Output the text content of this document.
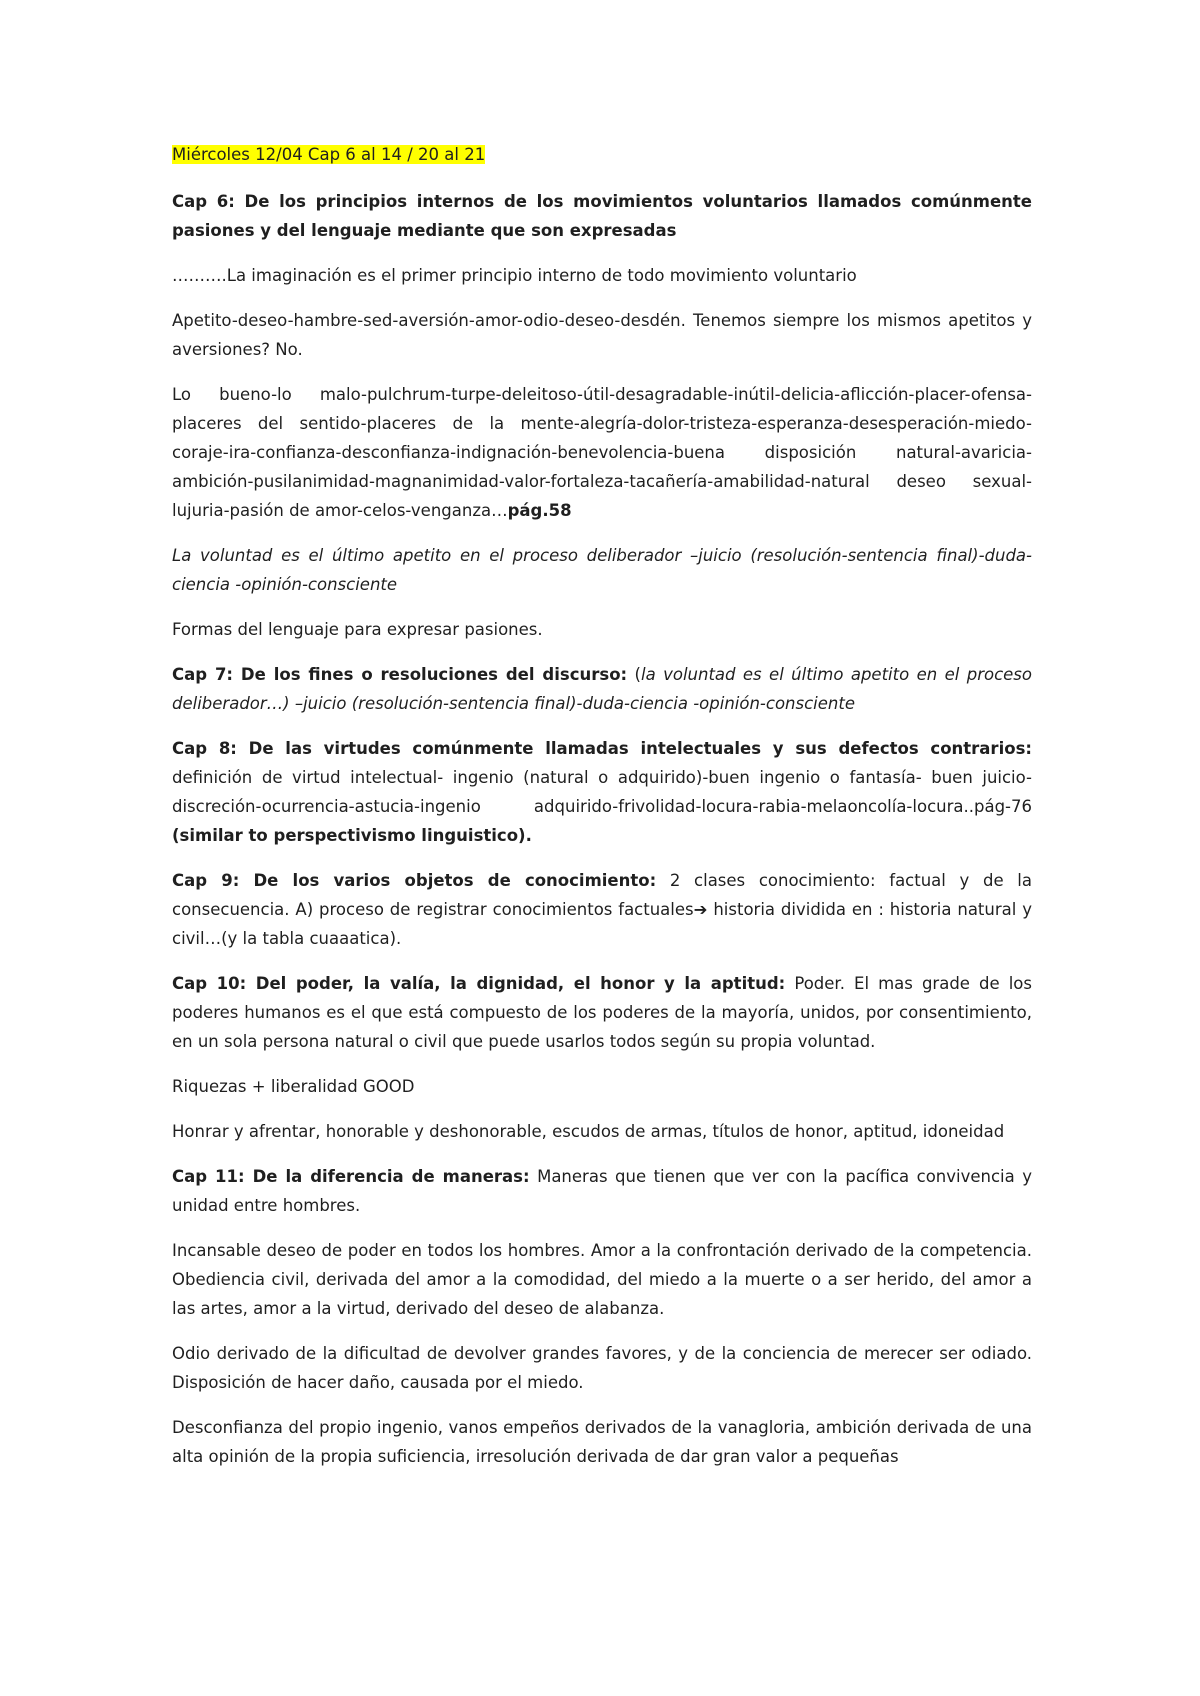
Miércoles 12/04 Cap 6 al 14 / 20 al 21

Cap 6: De los principios internos de los movimientos voluntarios llamados comúnmente pasiones y del lenguaje mediante que son expresadas

……….La imaginación es el primer principio interno de todo movimiento voluntario

Apetito-deseo-hambre-sed-aversión-amor-odio-deseo-desdén. Tenemos siempre los mismos apetitos y aversiones? No.

Lo bueno-lo malo-pulchrum-turpe-deleitoso-útil-desagradable-inútil-delicia-aflicción-placer-ofensa-placeres del sentido-placeres de la mente-alegría-dolor-tristeza-esperanza-desesperación-miedo-coraje-ira-confianza-desconfianza-indignación-benevolencia-buena disposición natural-avaricia-ambición-pusilanimidad-magnanimidad-valor-fortaleza-tacañería-amabilidad-natural deseo sexual-lujuria-pasión de amor-celos-venganza…pág.58

La voluntad es el último apetito en el proceso deliberador –juicio (resolución-sentencia final)-duda-ciencia -opinión-consciente

Formas del lenguaje para expresar pasiones.

Cap 7: De los fines o resoluciones del discurso: (la voluntad es el último apetito en el proceso deliberador…) –juicio (resolución-sentencia final)-duda-ciencia -opinión-consciente

Cap 8: De las virtudes comúnmente llamadas intelectuales y sus defectos contrarios: definición de virtud intelectual- ingenio (natural o adquirido)-buen ingenio o fantasía- buen juicio-discreción-ocurrencia-astucia-ingenio adquirido-frivolidad-locura-rabia-melaoncolía-locura..pág-76 (similar to perspectivismo linguistico).

Cap 9: De los varios objetos de conocimiento: 2 clases conocimiento: factual y de la consecuencia. A) proceso de registrar conocimientos factuales➔ historia dividida en : historia natural y civil…(y la tabla cuaaatica).

Cap 10: Del poder, la valía, la dignidad, el honor y la aptitud: Poder. El mas grade de los poderes humanos es el que está compuesto de los poderes de la mayoría, unidos, por consentimiento, en un sola persona natural o civil que puede usarlos todos según su propia voluntad.

Riquezas + liberalidad GOOD

Honrar y afrentar, honorable y deshonorable, escudos de armas, títulos de honor, aptitud, idoneidad

Cap 11: De la diferencia de maneras: Maneras que tienen que ver con la pacífica convivencia y unidad entre hombres.

Incansable deseo de poder en todos los hombres. Amor a la confrontación derivado de la competencia. Obediencia civil, derivada del amor a la comodidad, del miedo a la muerte o a ser herido, del amor a las artes, amor a la virtud, derivado del deseo de alabanza.

Odio derivado de la dificultad de devolver grandes favores, y de la conciencia de merecer ser odiado. Disposición de hacer daño, causada por el miedo.

Desconfianza del propio ingenio, vanos empeños derivados de la vanagloria, ambición derivada de una alta opinión de la propia suficiencia, irresolución derivada de dar gran valor a pequeñas
